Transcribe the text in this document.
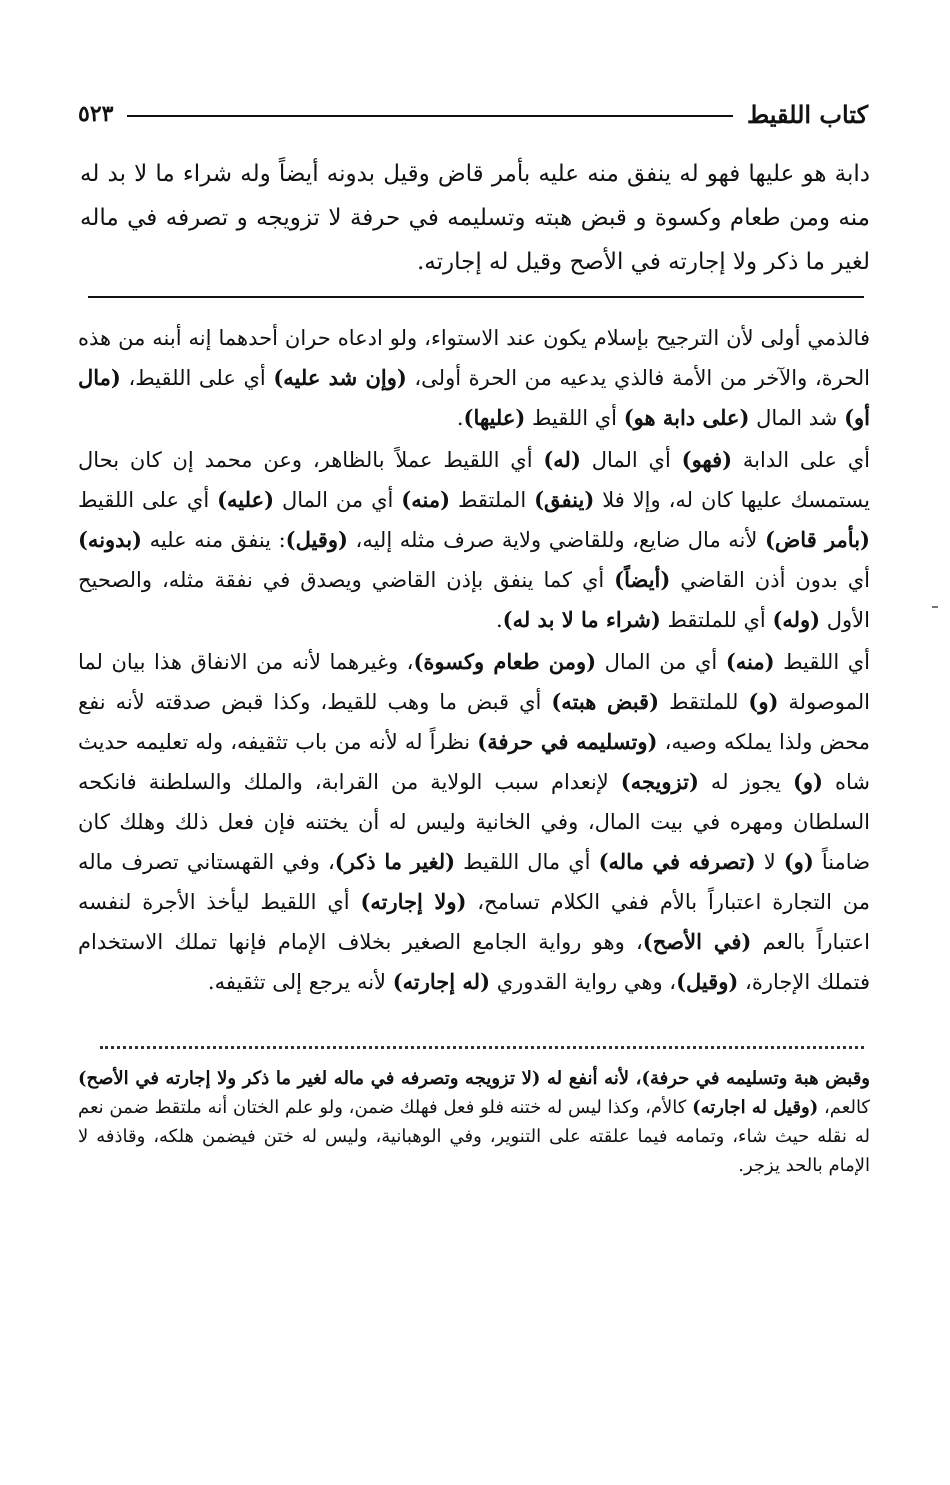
كتاب اللقيط
٥٢٣

دابة هو عليها فهو له ينفق منه عليه بأمر قاض وقيل بدونه أيضاً وله شراء ما لا بد له منه ومن طعام وكسوة و قبض هبته وتسليمه في حرفة لا تزويجه و تصرفه في ماله لغير ما ذكر ولا إجارته في الأصح وقيل له إجارته.

فالذمي أولى لأن الترجيح بإسلام يكون عند الاستواء، ولو ادعاه حران أحدهما إنه أبنه من هذه الحرة، والآخر من الأمة فالذي يدعيه من الحرة أولى، (وإن شد عليه) أي على اللقيط، (مال أو) شد المال (على دابة هو) أي اللقيط (عليها).

أي على الدابة (فهو) أي المال (له) أي اللقيط عملاً بالظاهر، وعن محمد إن كان بحال يستمسك عليها كان له، وإلا فلا (ينفق) الملتقط (منه) أي من المال (عليه) أي على اللقيط (بأمر قاض) لأنه مال ضايع، وللقاضي ولاية صرف مثله إليه، (وقيل): ينفق منه عليه (بدونه) أي بدون أذن القاضي (أيضاً) أي كما ينفق بإذن القاضي ويصدق في نفقة مثله، والصحيح الأول (وله) أي للملتقط (شراء ما لا بد له).

أي اللقيط (منه) أي من المال (ومن طعام وكسوة)، وغيرهما لأنه من الانفاق هذا بيان لما الموصولة (و) للملتقط (قبض هبته) أي قبض ما وهب للقيط، وكذا قبض صدقته لأنه نفع محض ولذا يملكه وصيه، (وتسليمه في حرفة) نظراً له لأنه من باب تثقيفه، وله تعليمه حديث شاه (و) يجوز له (تزويجه) لإنعدام سبب الولاية من القرابة، والملك والسلطنة فانكحه السلطان ومهره في بيت المال، وفي الخانية وليس له أن يختنه فإن فعل ذلك وهلك كان ضامناً (و) لا (تصرفه في ماله) أي مال اللقيط (لغير ما ذكر)، وفي القهستاني تصرف ماله من التجارة اعتباراً بالأم ففي الكلام تسامح، (ولا إجارته) أي اللقيط ليأخذ الأجرة لنفسه اعتباراً بالعم (في الأصح)، وهو رواية الجامع الصغير بخلاف الإمام فإنها تملك الاستخدام فتملك الإجارة، (وقيل)، وهي رواية القدوري (له إجارته) لأنه يرجع إلى تثقيفه.

وقبض هبة وتسليمه في حرفة)، لأنه أنفع له (لا تزويجه وتصرفه في ماله لغير ما ذكر ولا إجارته في الأصح) كالعم، (وقيل له اجارته) كالأم، وكذا ليس له ختنه فلو فعل فهلك ضمن، ولو علم الختان أنه ملتقط ضمن نعم له نقله حيث شاء، وتمامه فيما علقته على التنوير، وفي الوهبانية، وليس له ختن فيضمن هلكه، وقاذفه لا الإمام بالحد يزجر.
